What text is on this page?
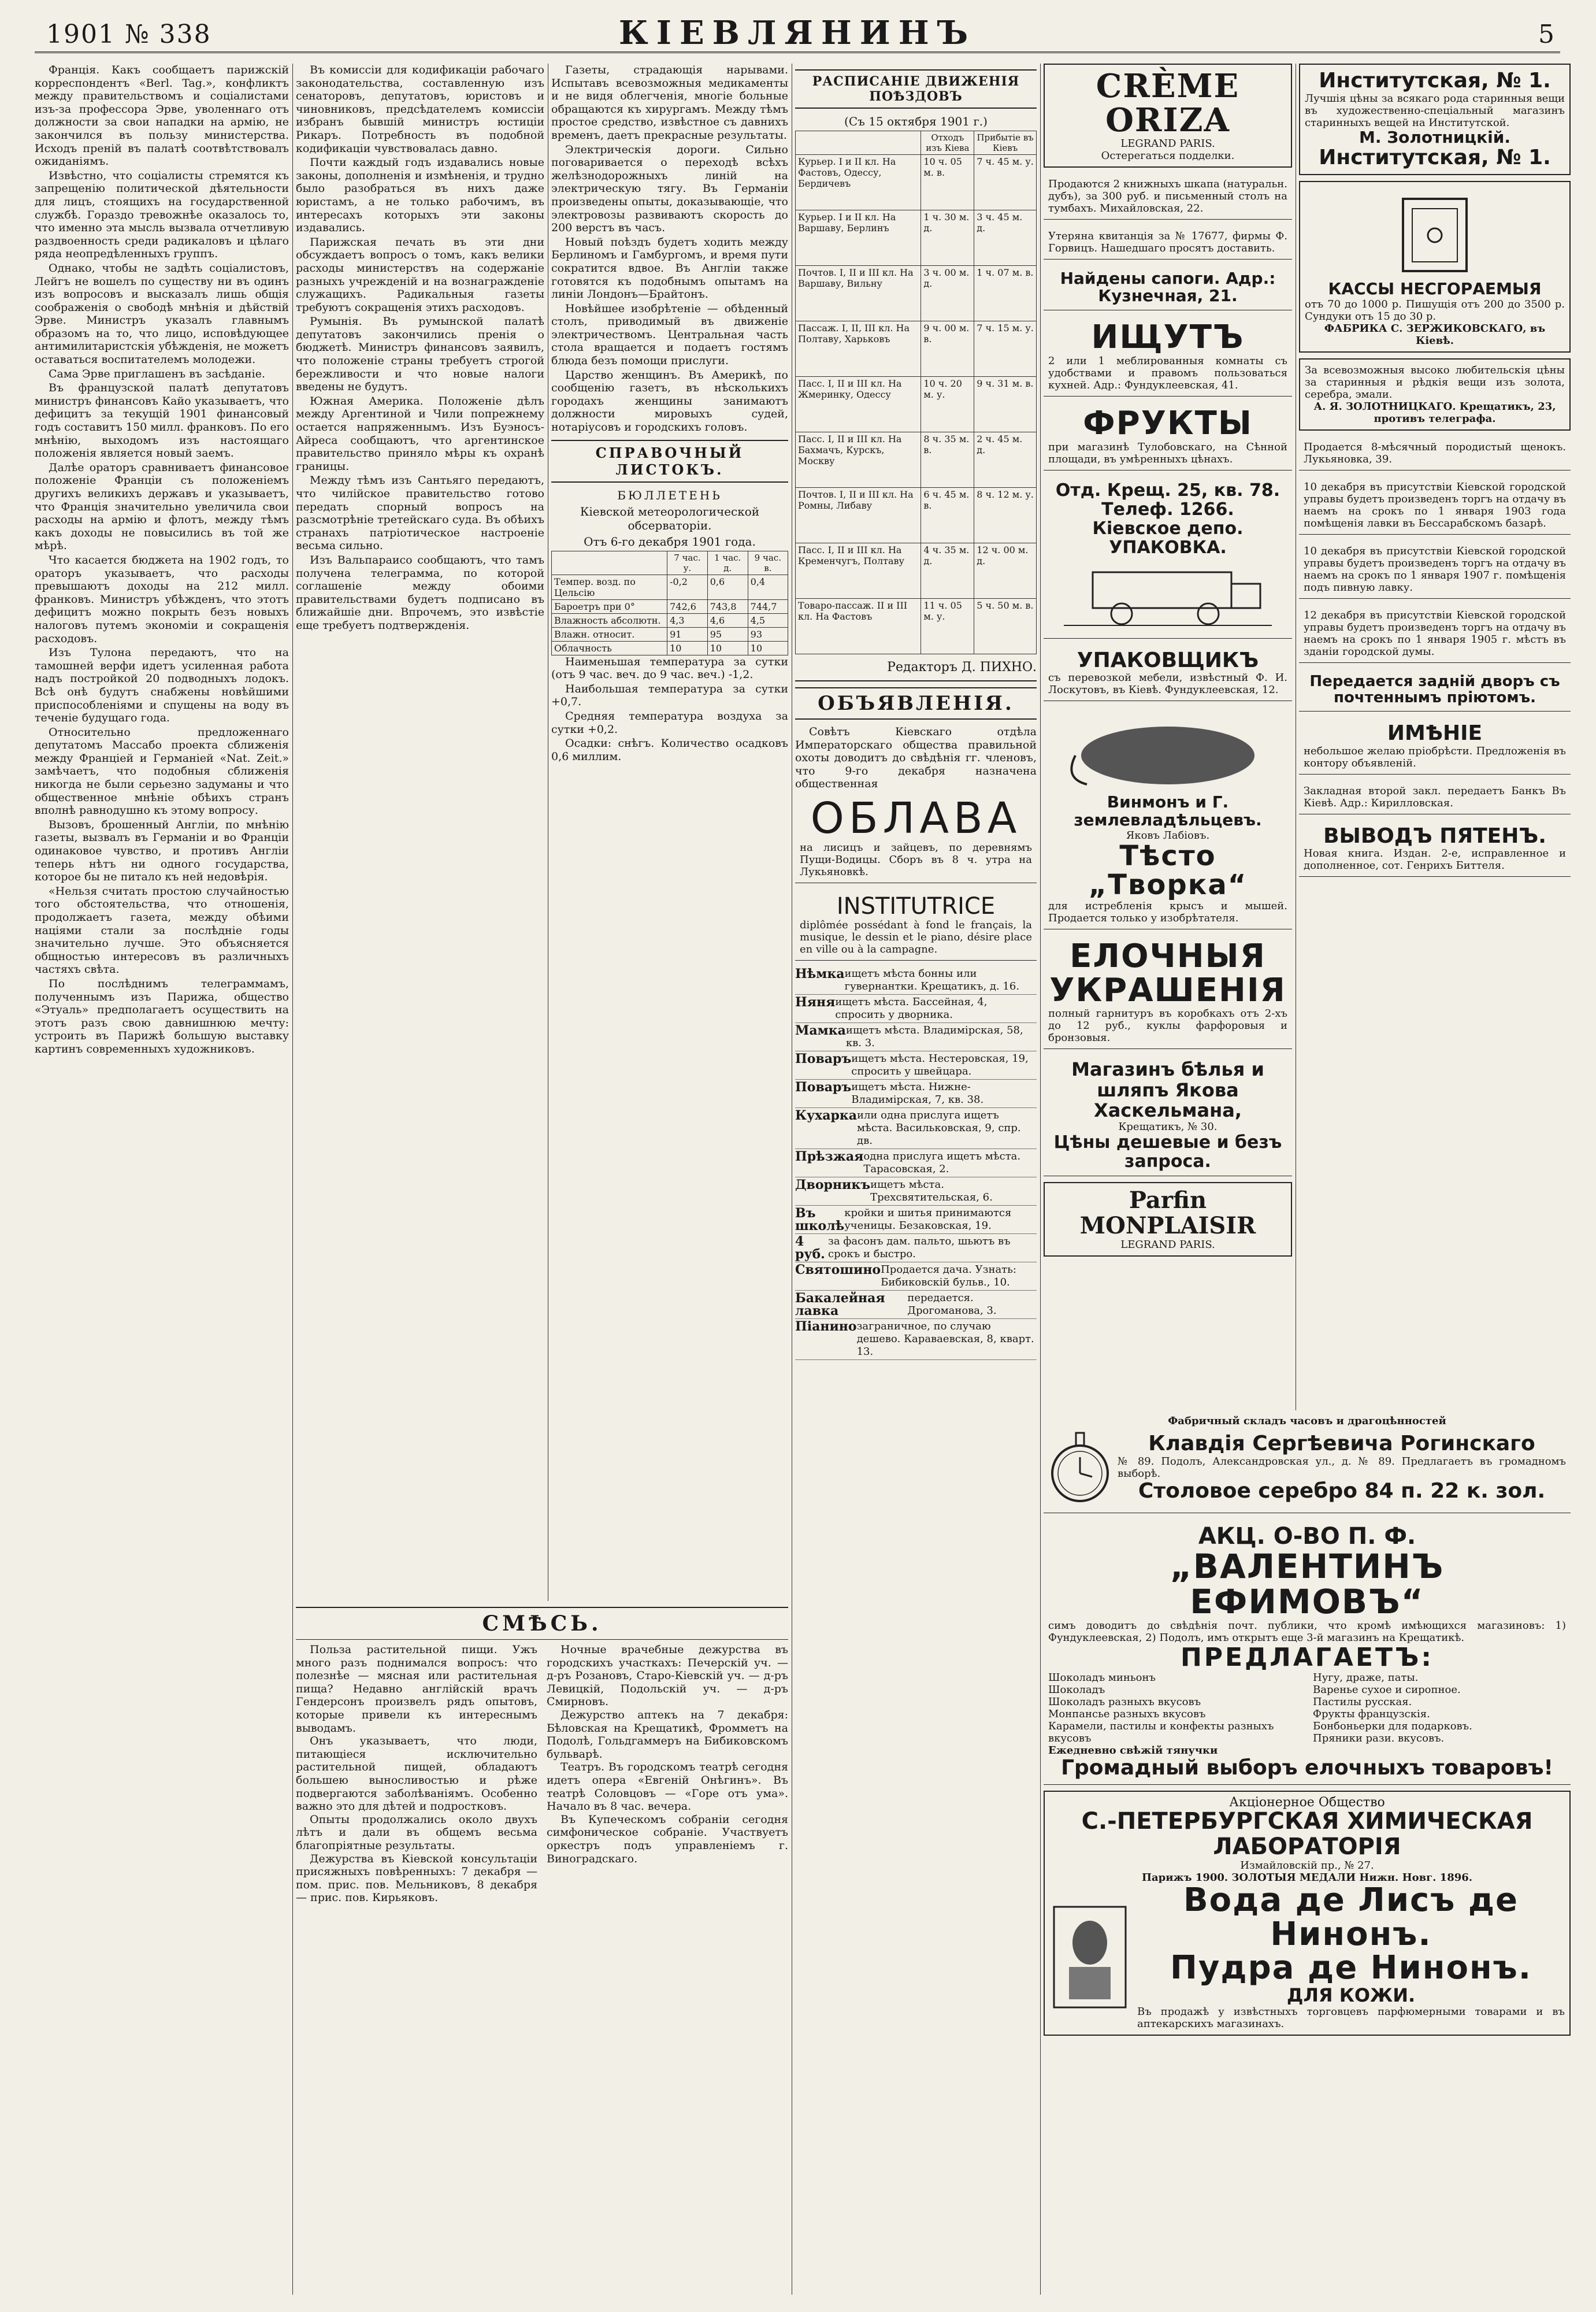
1901 № 338	КІЕВЛЯНИНЪ	5

Франція. Какъ сообщаетъ парижскій корреспондентъ «Berl. Tag.», конфликтъ между правительствомъ и соціалистами изъ-за профессора Эрве, уволеннаго отъ должности за свои нападки на армію, не закончился въ пользу министерства. Исходъ преній въ палатѣ соотвѣтствовалъ ожиданіямъ.

Извѣстно, что соціалисты стремятся къ запрещенію политической дѣятельности для лицъ, стоящихъ на государственной службѣ. Гораздо тревожнѣе оказалось то, что именно эта мысль вызвала отчетливую раздвоенность среди радикаловъ и цѣлаго ряда неопредѣленныхъ группъ.

Однако, чтобы не задѣть соціалистовъ, Лейгъ не вошелъ по существу ни въ одинъ изъ вопросовъ и высказалъ лишь общія соображенія о свободѣ мнѣнія и дѣйствій Эрве. Министръ указалъ главнымъ образомъ на то, что лицо, исповѣдующее антимилитаристскія убѣжденія, не можетъ оставаться воспитателемъ молодежи.

Сама Эрве приглашенъ въ засѣданіе.

Въ французской палатѣ депутатовъ министръ финансовъ Кайо указываетъ, что дефицитъ за текущій 1901 финансовый годъ составитъ 150 милл. франковъ. По его мнѣнію, выходомъ изъ настоящаго положенія является новый заемъ.

Далѣе ораторъ сравниваетъ финансовое положеніе Франціи съ положеніемъ другихъ великихъ державъ и указываетъ, что Франція значительно увеличила свои расходы на армію и флотъ, между тѣмъ какъ доходы не повысились въ той же мѣрѣ.

Что касается бюджета на 1902 годъ, то ораторъ указываетъ, что расходы превышаютъ доходы на 212 милл. франковъ. Министръ убѣжденъ, что этотъ дефицитъ можно покрыть безъ новыхъ налоговъ путемъ экономіи и сокращенія расходовъ.

Изъ Тулона передаютъ, что на тамошней верфи идетъ усиленная работа надъ постройкой 20 подводныхъ лодокъ. Всѣ онѣ будутъ снабжены новѣйшими приспособленіями и спущены на воду въ теченіе будущаго года.

Относительно предложеннаго депутатомъ Массабо проекта сближенія между Франціей и Германіей «Nat. Zeit.» замѣчаетъ, что подобныя сближенія никогда не были серьезно задуманы и что общественное мнѣніе обѣихъ странъ вполнѣ равнодушно къ этому вопросу.

Вызовъ, брошенный Англіи, по мнѣнію газеты, вызвалъ въ Германіи и во Франціи одинаковое чувство, и противъ Англіи теперь нѣтъ ни одного государства, которое бы не питало къ ней недовѣрія.

«Нельзя считать простою случайностью того обстоятельства, что отношенія, продолжаетъ газета, между обѣими націями стали за послѣдніе годы значительно лучше. Это объясняется общностью интересовъ въ различныхъ частяхъ свѣта.

По послѣднимъ телеграммамъ, полученнымъ изъ Парижа, общество «Этуаль» предполагаетъ осуществить на этотъ разъ свою давнишнюю мечту: устроить въ Парижѣ большую выставку картинъ современныхъ художниковъ.

Въ комиссіи для кодификаціи рабочаго законодательства, составленную изъ сенаторовъ, депутатовъ, юристовъ и чиновниковъ, предсѣдателемъ комиссіи избранъ бывшій министръ юстиціи Рикаръ. Потребность въ подобной кодификаціи чувствовалась давно.

Почти каждый годъ издавались новые законы, дополненія и измѣненія, и трудно было разобраться въ нихъ даже юристамъ, а не только рабочимъ, въ интересахъ которыхъ эти законы издавались.

Парижская печать въ эти дни обсуждаетъ вопросъ о томъ, какъ велики расходы министерствъ на содержаніе разныхъ учрежденій и на вознагражденіе служащихъ. Радикальныя газеты требуютъ сокращенія этихъ расходовъ.

Румынія. Въ румынской палатѣ депутатовъ закончились пренія о бюджетѣ. Министръ финансовъ заявилъ, что положеніе страны требуетъ строгой бережливости и что новые налоги введены не будутъ.

Южная Америка. Положеніе дѣлъ между Аргентиной и Чили попрежнему остается напряженнымъ. Изъ Буэносъ-Айреса сообщаютъ, что аргентинское правительство приняло мѣры къ охранѣ границы.

Между тѣмъ изъ Сантьяго передаютъ, что чилійское правительство готово передать спорный вопросъ на разсмотрѣніе третейскаго суда. Въ обѣихъ странахъ патріотическое настроеніе весьма сильно.

Изъ Вальпараисо сообщаютъ, что тамъ получена телеграмма, по которой соглашеніе между обоими правительствами будетъ подписано въ ближайшіе дни. Впрочемъ, это извѣстіе еще требуетъ подтвержденія.

Газеты, страдающія нарывами. Испытавъ всевозможныя медикаменты и не видя облегченія, многіе больные обращаются къ хирургамъ. Между тѣмъ простое средство, извѣстное съ давнихъ временъ, даетъ прекрасные результаты.

Электрическія дороги. Сильно поговаривается о переходѣ всѣхъ желѣзнодорожныхъ линій на электрическую тягу. Въ Германіи произведены опыты, доказывающіе, что электровозы развиваютъ скорость до 200 верстъ въ часъ.

Новый поѣздъ будетъ ходить между Берлиномъ и Гамбургомъ, и время пути сократится вдвое. Въ Англіи также готовятся къ подобнымъ опытамъ на линіи Лондонъ—Брайтонъ.

Новѣйшее изобрѣтеніе — обѣденный столъ, приводимый въ движеніе электричествомъ. Центральная часть стола вращается и подаетъ гостямъ блюда безъ помощи прислуги.

Царство женщинъ. Въ Америкѣ, по сообщенію газетъ, въ нѣсколькихъ городахъ женщины занимаютъ должности мировыхъ судей, нотаріусовъ и городскихъ головъ.

СПРАВОЧНЫЙ ЛИСТОКЪ.
БЮЛЛЕТЕНЬ
Кіевской метеорологической обсерваторіи.
Отъ 6-го декабря 1901 года.
	7 час. у.	1 час. д.	9 час. в.
Темпер. возд. по Цельсію	-0,2	0,6	0,4
Бароетръ при 0°	742,6	743,8	744,7
Влажность абсолютн.	4,3	4,6	4,5
Влажн. относит.	91	95	93
Облачность	10	10	10

Наименьшая температура за сутки (отъ 9 час. веч. до 9 час. веч.) -1,2.

Наибольшая температура за сутки +0,7.

Средняя температура воздуха за сутки +0,2.

Осадки: снѣгъ. Количество осадковъ 0,6 миллим.

СМѢСЬ.

Польза растительной пищи. Ужъ много разъ поднимался вопросъ: что полезнѣе — мясная или растительная пища? Недавно англійскій врачъ Гендерсонъ произвелъ рядъ опытовъ, которые привели къ интереснымъ выводамъ.

Онъ указываетъ, что люди, питающіеся исключительно растительной пищей, обладаютъ большею выносливостью и рѣже подвергаются заболѣваніямъ. Особенно важно это для дѣтей и подростковъ.

Опыты продолжались около двухъ лѣтъ и дали въ общемъ весьма благопріятные результаты.

Дежурства въ Кіевской консультаціи присяжныхъ повѣренныхъ: 7 декабря — пом. прис. пов. Мельниковъ, 8 декабря — прис. пов. Кирьяковъ.

Ночные врачебные дежурства въ городскихъ участкахъ: Печерскій уч. — д-ръ Розановъ, Старо-Кіевскій уч. — д-ръ Левицкій, Подольскій уч. — д-ръ Смирновъ.

Дежурство аптекъ на 7 декабря: Бѣловская на Крещатикѣ, Фромметъ на Подолѣ, Гольдгаммеръ на Бибиковскомъ бульварѣ.

Театръ. Въ городскомъ театрѣ сегодня идетъ опера «Евгеній Онѣгинъ». Въ театрѣ Соловцовъ — «Горе отъ ума». Начало въ 8 час. вечера.

Въ Купеческомъ собраніи сегодня симфоническое собраніе. Участвуетъ оркестръ подъ управленіемъ г. Виноградскаго.

РАСПИСАНІЕ ДВИЖЕНІЯ ПОѢЗДОВЪ
(Съ 15 октября 1901 г.)
	Отходъ изъ Кіева	Прибытіе въ Кіевъ
Курьер. I и II кл. На Фастовъ, Одессу, Бердичевъ	10 ч. 05 м. в.	7 ч. 45 м. у.
Курьер. I и II кл. На Варшаву, Берлинъ	1 ч. 30 м. д.	3 ч. 45 м. д.
Почтов. I, II и III кл. На Варшаву, Вильну	3 ч. 00 м. д.	1 ч. 07 м. в.
Пассаж. I, II, III кл. На Полтаву, Харьковъ	9 ч. 00 м. в.	7 ч. 15 м. у.
Пасс. I, II и III кл. На Жмеринку, Одессу	10 ч. 20 м. у.	9 ч. 31 м. в.
Пасс. I, II и III кл. На Бахмачъ, Курскъ, Москву	8 ч. 35 м. в.	2 ч. 45 м. д.
Почтов. I, II и III кл. На Ромны, Либаву	6 ч. 45 м. в.	8 ч. 12 м. у.
Пасс. I, II и III кл. На Кременчугъ, Полтаву	4 ч. 35 м. д.	12 ч. 00 м. д.
Товаро-пассаж. II и III кл. На Фастовъ	11 ч. 05 м. у.	5 ч. 50 м. в.
Редакторъ Д. ПИХНО.
ОБЪЯВЛЕНІЯ.

Совѣтъ Кіевскаго отдѣла Императорскаго общества правильной охоты доводитъ до свѣдѣнія гг. членовъ, что 9-го декабря назначена общественная

ОБЛАВА
на лисицъ и зайцевъ, по деревнямъ Пущи-Водицы. Сборъ въ 8 ч. утра на Лукьяновкѣ.
INSTITUTRICE
diplômée possédant à fond le français, la musique, le dessin et le piano, désire place en ville ou à la campagne.
Нѣмка ищетъ мѣста бонны или гувернантки. Крещатикъ, д. 16.
Няня ищетъ мѣста. Бассейная, 4, спросить у дворника.
Мамка ищетъ мѣста. Владимірская, 58, кв. 3.
Поваръ ищетъ мѣста. Нестеровская, 19, спросить у швейцара.
Поваръ ищетъ мѣста. Нижне-Владимірская, 7, кв. 38.
Кухарка или одна прислуга ищетъ мѣста. Васильковская, 9, спр. дв.
Прѣзжая одна прислуга ищетъ мѣста. Тарасовская, 2.
Дворникъ ищетъ мѣста. Трехсвятительская, 6.
Въ школѣ
кройки и шитья принимаются ученицы. Безаковская, 19.
4 руб.
за фасонъ дам. пальто, шьютъ въ срокъ и быстро.
Святошино Продается дача. Узнать: Бибиковскій бульв., 10.
Бакалейная лавка
передается. Дрогоманова, 3.
Піанино заграничное, по случаю дешево. Караваевская, 8, кварт. 13.
CRÈME ORIZA
LEGRAND PARIS.
Остерегаться подделки.
Продаются 2 книжныхъ шкапа (натуральн. дубъ), за 300 руб. и письменный столъ на тумбахъ. Михайловская, 22.
Утеряна квитанція за № 17677, фирмы Ф. Горвицъ. Нашедшаго просятъ доставить.
Найдены сапоги. Адр.: Кузнечная, 21.
ИЩУТЪ
2 или 1 меблированныя комнаты съ удобствами и правомъ пользоваться кухней. Адр.: Фундуклеевская, 41.
ФРУКТЫ
при магазинѣ Тулобовскаго, на Сѣнной площади, въ умѣренныхъ цѣнахъ.
Отд. Крещ. 25, кв. 78. Телеф. 1266.
Кіевское депо. УПАКОВКА.
УПАКОВЩИКЪ
съ перевозкой мебели, извѣстный Ф. И. Лоскутовъ, въ Кіевѣ. Фундуклеевская, 12.
Винмонъ и Г. землевладѣльцевъ.
Яковъ Лабіовъ.
Тѣсто „Творка“
для истребленія крысъ и мышей. Продается только у изобрѣтателя.
ЕЛОЧНЫЯ
УКРАШЕНІЯ
полный гарнитуръ въ коробкахъ отъ 2-хъ до 12 руб., куклы фарфоровыя и бронзовыя.
Магазинъ бѣлья и шляпъ Якова Хаскельмана,
Крещатикъ, № 30.
Цѣны дешевые и безъ запроса.
Parfin MONPLAISIR
LEGRAND PARIS.
Институтская, № 1.
Лучшія цѣны за всякаго рода старинныя вещи въ художественно-спеціальный магазинъ старинныхъ вещей на Институтской.
М. Золотницкій.
Институтская, № 1.
КАССЫ НЕСГОРАЕМЫЯ
отъ 70 до 1000 р. Пишущія отъ 200 до 3500 р. Сундуки отъ 15 до 30 р.
ФАБРИКА С. ЗЕРЖИКОВСКАГО, въ Кіевѣ.
За всевозможныя высоко любительскія цѣны за старинныя и рѣдкія вещи изъ золота, серебра, эмали.
А. Я. ЗОЛОТНИЦКАГО. Крещатикъ, 23, противъ телеграфа.
Продается 8-мѣсячный породистый щенокъ. Лукьяновка, 39.
10 декабря въ присутствіи Кіевской городской управы будетъ произведенъ торгъ на отдачу въ наемъ на срокъ по 1 января 1903 года помѣщенія лавки въ Бессарабскомъ базарѣ.
10 декабря въ присутствіи Кіевской городской управы будетъ произведенъ торгъ на отдачу въ наемъ на срокъ по 1 января 1907 г. помѣщенія подъ пивную лавку.
12 декабря въ присутствіи Кіевской городской управы будетъ произведенъ торгъ на отдачу въ наемъ на срокъ по 1 января 1905 г. мѣстъ въ зданіи городской думы.
Передается задній дворъ съ почтеннымъ пріютомъ.
ИМѢНІЕ
небольшое желаю пріобрѣсти. Предложенія въ контору объявленій.
Закладная второй закл. передаетъ Банкъ Въ Кіевѣ. Адр.: Кирилловская.
ВЫВОДЪ ПЯТЕНЪ.
Новая книга. Издан. 2-е, исправленное и дополненное, сот. Генрихъ Биттеля.
Фабричный складъ часовъ и драгоцѣнностей
Клавдія Сергѣевича Рогинскаго
№ 89. Подолъ, Александровская ул., д. № 89. Предлагаетъ въ громадномъ выборѣ.
Столовое серебро 84 п. 22 к. зол.
АКЦ. О-ВО П. Ф.
„ВАЛЕНТИНЪ ЕФИМОВЪ“
симъ доводитъ до свѣдѣнія почт. публики, что кромѣ имѣющихся магазиновъ: 1) Фундуклеевская, 2) Подолъ, имъ открытъ еще 3-й магазинъ на Крещатикѣ.
ПРЕДЛАГАЕТЪ:
Шоколадъ миньонъ
Шоколадъ
Шоколадъ разныхъ вкусовъ
Монпансье разныхъ вкусовъ
Карамели, пастилы и конфекты разныхъ вкусовъ
Ежедневно свѣжій тянучки
Нугу, драже, паты.
Варенье сухое и сиропное.
Пастилы русская.
Фрукты французскія.
Бонбоньерки для подарковъ.
Пряники рази. вкусовъ.
Громадный выборъ елочныхъ товаровъ!
Акціонерное Общество
С.-ПЕТЕРБУРГСКАЯ ХИМИЧЕСКАЯ ЛАБОРАТОРІЯ
Измайловскій пр., № 27.
Парижъ 1900. ЗОЛОТЫЯ МЕДАЛИ Нижн. Новг. 1896.
Вода де Лисъ де Нинонъ.
Пудра де Нинонъ.
ДЛЯ КОЖИ.
Въ продажѣ у извѣстныхъ торговцевъ парфюмерными товарами и въ аптекарскихъ магазинахъ.
